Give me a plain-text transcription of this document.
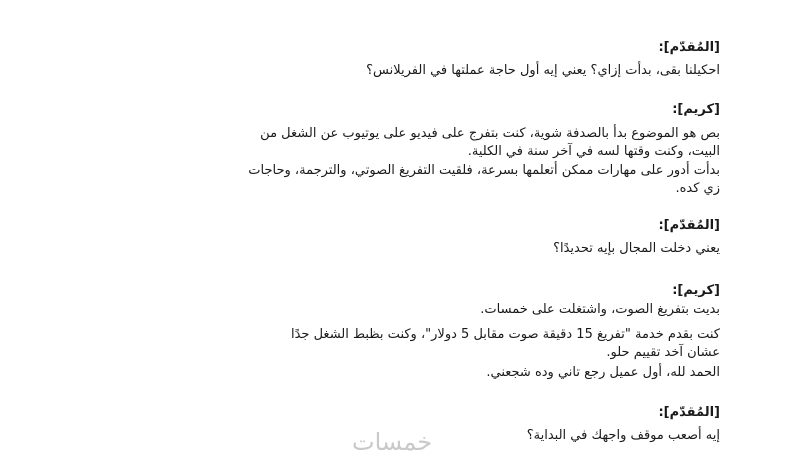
[المُقدّم]:
احكيلنا بقى، بدأت إزاي؟ يعني إيه أول حاجة عملتها في الفريلانس؟
[كريم]:
بص هو الموضوع بدأ بالصدفة شوية، كنت بتفرج على فيديو على يوتيوب عن الشغل من
البيت، وكنت وقتها لسه في آخر سنة في الكلية.
بدأت أدور على مهارات ممكن أتعلمها بسرعة، فلقيت التفريغ الصوتي، والترجمة، وحاجات
زي كده.
[المُقدّم]:
يعني دخلت المجال بإيه تحديدًا؟
[كريم]:
بديت بتفريغ الصوت، واشتغلت على خمسات.
كنت بقدم خدمة "تفريغ 15 دقيقة صوت مقابل 5 دولار"، وكنت بظبط الشغل جدًا
عشان آخد تقييم حلو.
الحمد لله، أول عميل رجع تاني وده شجعني.
[المُقدّم]:
إيه أصعب موقف واجهك في البداية؟
خمسات
